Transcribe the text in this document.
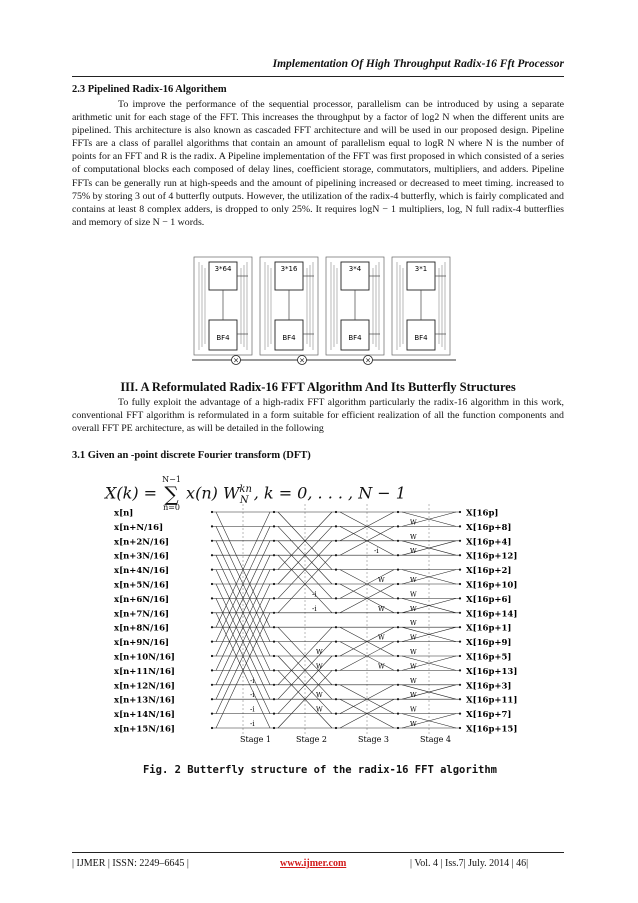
Implementation Of High Throughput Radix-16 Fft Processor
2.3 Pipelined Radix-16 Algorithem

To improve the performance of the sequential processor, parallelism can be introduced by using a separate arithmetic unit for each stage of the FFT. This increases the throughput by a factor of log2 N when the different units are pipelined. This architecture is also known as cascaded FFT architecture and will be used in our proposed design. Pipeline FFTs are a class of parallel algorithms that contain an amount of parallelism equal to logR N where N is the number of points for an FFT and R is the radix. A Pipeline implementation of the FFT was first proposed in which consisted of a series of computational blocks each composed of delay lines, coefficient storage, commutators, multipliers, and adders. Pipeline FFTs can be generally run at high-speeds and the amount of pipelining increased or decreased to meet timing. increased to 75% by storing 3 out of 4 butterfly outputs. However, the utilization of the radix-4 butterfly, which is fairly complicated and contains at least 8 complex adders, is dropped to only 25%. It requires logN − 1 multipliers, log, N full radix-4 butterflies and memory of size N − 1 words.

3*64
BF4
×
3*16
BF4
×
3*4
BF4
×
3*1
BF4
III. A Reformulated Radix-16 FFT Algorithm And Its Butterfly Structures

To fully exploit the advantage of a high-radix FFT algorithm particularly the radix-16 algorithm in this work, conventional FFT algorithm is reformulated in a form suitable for efficient realization of all the function components and overall FFT PE architecture, as will be detailed in the following

3.1 Given an -point discrete Fourier transform (DFT)
X(k) =
N−1
∑
n=0
x(n) $W^{kn}_N$ , k = 0, . . . , N − 1
x[n]
x[n+N/16]
x[n+2N/16]
x[n+3N/16]
x[n+4N/16]
x[n+5N/16]
x[n+6N/16]
x[n+7N/16]
x[n+8N/16]
x[n+9N/16]
x[n+10N/16]
x[n+11N/16]
x[n+12N/16]
x[n+13N/16]
x[n+14N/16]
x[n+15N/16]
X[16p]
X[16p+8]
X[16p+4]
X[16p+12]
X[16p+2]
X[16p+10]
X[16p+6]
X[16p+14]
X[16p+1]
X[16p+9]
X[16p+5]
X[16p+13]
X[16p+3]
X[16p+11]
X[16p+7]
X[16p+15]
-i
-i
-i
-i
-i
-i
-i
W
W
W
W
W
W
W
W
W
W
W
W
W
W
W
W
W
W
W
W
W
W
Stage 1	Stage 2	Stage 3	Stage 4
Fig. 2 Butterfly structure of the radix-16 FFT algorithm
| IJMER | ISSN: 2249–6645 |	www.ijmer.com	| Vol. 4 | Iss.7| July. 2014 | 46|
